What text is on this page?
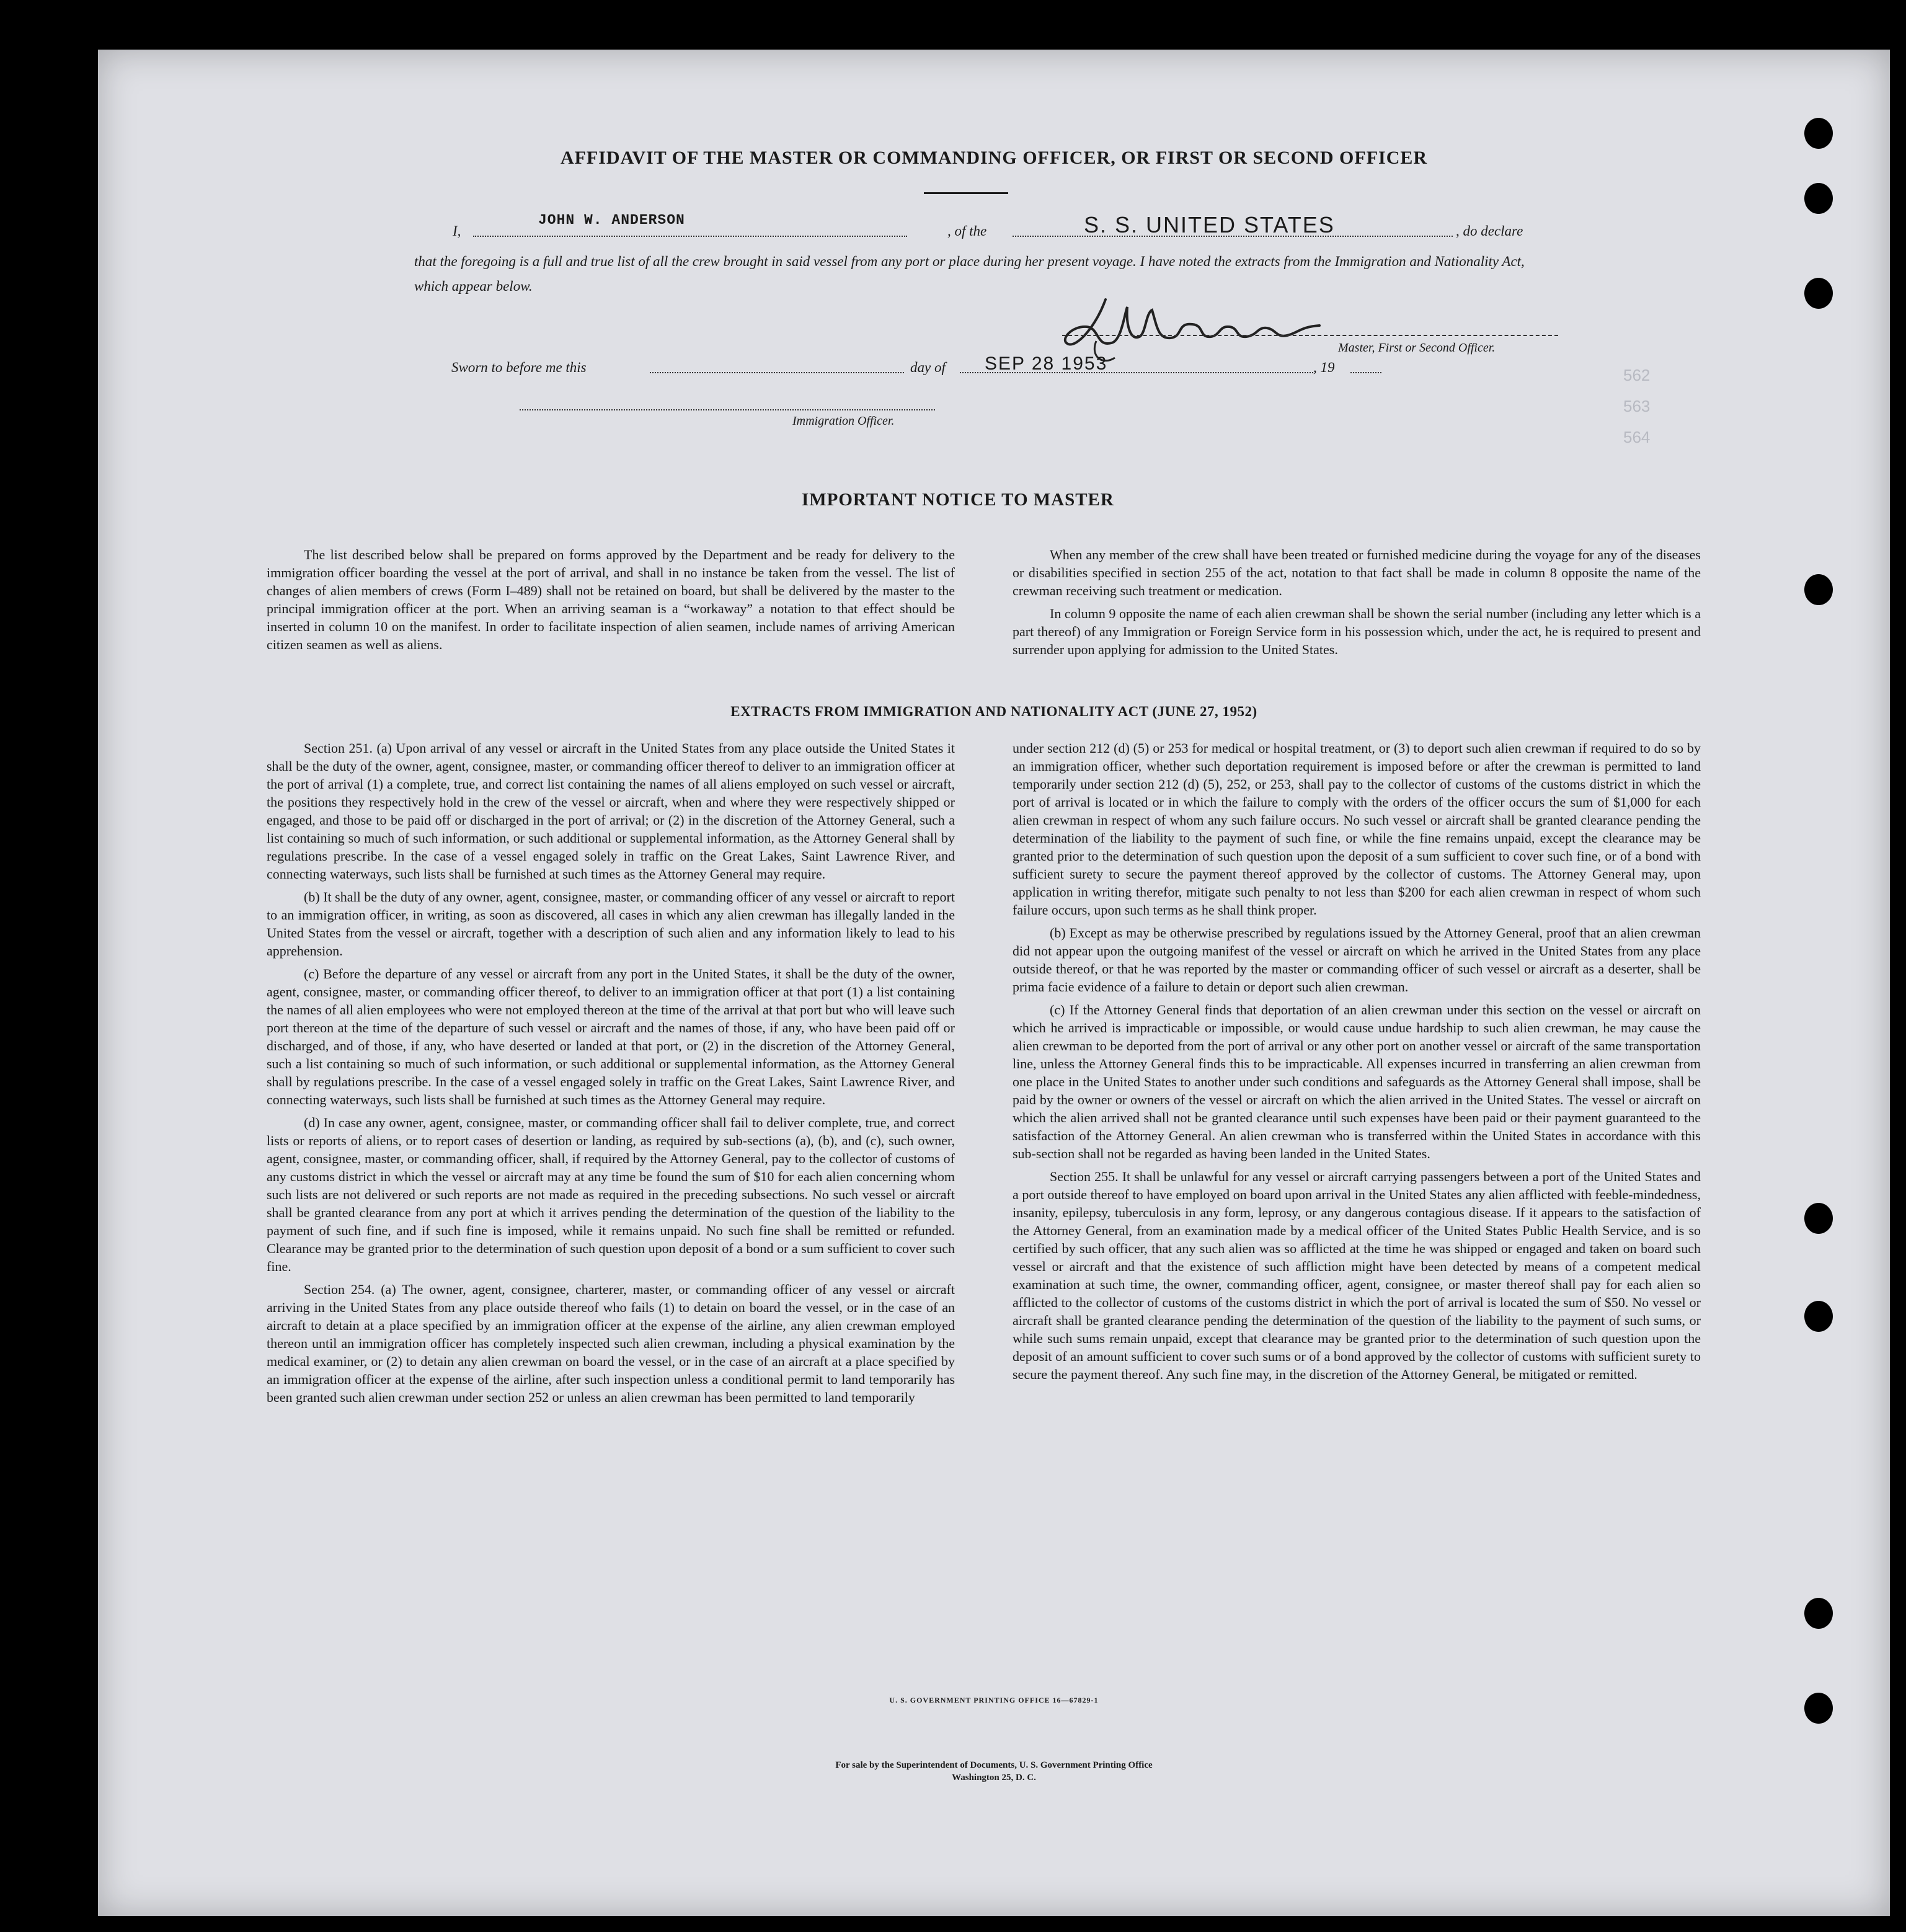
562
563
564
AFFIDAVIT OF THE MASTER OR COMMANDING OFFICER, OR FIRST OR SECOND OFFICER
I,
JOHN W. ANDERSON
, of the	S. S. UNITED STATES	, do declare
that the foregoing is a full and true list of all the crew brought in said vessel from any port or place during her present voyage. I have noted the extracts from the Immigration and Nationality Act, which appear below.
Master, First or Second Officer.
Sworn to before me this	day of SEP 28 1953	, 19
Immigration Officer.
IMPORTANT NOTICE TO MASTER

The list described below shall be prepared on forms approved by the Department and be ready for delivery to the immigration officer boarding the vessel at the port of arrival, and shall in no instance be taken from the vessel. The list of changes of alien members of crews (Form I–489) shall not be retained on board, but shall be delivered by the master to the principal immigration officer at the port. When an arriving seaman is a “workaway” a notation to that effect should be inserted in column 10 on the manifest. In order to facilitate inspection of alien seamen, include names of arriving American citizen seamen as well as aliens.

When any member of the crew shall have been treated or furnished medicine during the voyage for any of the diseases or disabilities specified in section 255 of the act, notation to that fact shall be made in column 8 opposite the name of the crewman receiving such treatment or medication.

In column 9 opposite the name of each alien crewman shall be shown the serial number (including any letter which is a part thereof) of any Immigration or Foreign Service form in his possession which, under the act, he is required to present and surrender upon applying for admission to the United States.

EXTRACTS FROM IMMIGRATION AND NATIONALITY ACT (JUNE 27, 1952)

Section 251. (a) Upon arrival of any vessel or aircraft in the United States from any place outside the United States it shall be the duty of the owner, agent, consignee, master, or commanding officer thereof to deliver to an immigration officer at the port of arrival (1) a complete, true, and correct list containing the names of all aliens employed on such vessel or aircraft, the positions they respectively hold in the crew of the vessel or aircraft, when and where they were respectively shipped or engaged, and those to be paid off or discharged in the port of arrival; or (2) in the discretion of the Attorney General, such a list containing so much of such information, or such additional or supplemental information, as the Attorney General shall by regulations prescribe. In the case of a vessel engaged solely in traffic on the Great Lakes, Saint Lawrence River, and connecting waterways, such lists shall be furnished at such times as the Attorney General may require.

(b) It shall be the duty of any owner, agent, consignee, master, or commanding officer of any vessel or aircraft to report to an immigration officer, in writing, as soon as discovered, all cases in which any alien crewman has illegally landed in the United States from the vessel or aircraft, together with a description of such alien and any information likely to lead to his apprehension.

(c) Before the departure of any vessel or aircraft from any port in the United States, it shall be the duty of the owner, agent, consignee, master, or commanding officer thereof, to deliver to an immigration officer at that port (1) a list containing the names of all alien employees who were not employed thereon at the time of the arrival at that port but who will leave such port thereon at the time of the departure of such vessel or aircraft and the names of those, if any, who have been paid off or discharged, and of those, if any, who have deserted or landed at that port, or (2) in the discretion of the Attorney General, such a list containing so much of such information, or such additional or supplemental information, as the Attorney General shall by regulations prescribe. In the case of a vessel engaged solely in traffic on the Great Lakes, Saint Lawrence River, and connecting waterways, such lists shall be furnished at such times as the Attorney General may require.

(d) In case any owner, agent, consignee, master, or commanding officer shall fail to deliver complete, true, and correct lists or reports of aliens, or to report cases of desertion or landing, as required by sub-sections (a), (b), and (c), such owner, agent, consignee, master, or commanding officer, shall, if required by the Attorney General, pay to the collector of customs of any customs district in which the vessel or aircraft may at any time be found the sum of $10 for each alien concerning whom such lists are not delivered or such reports are not made as required in the preceding subsections. No such vessel or aircraft shall be granted clearance from any port at which it arrives pending the determination of the question of the liability to the payment of such fine, and if such fine is imposed, while it remains unpaid. No such fine shall be remitted or refunded. Clearance may be granted prior to the determination of such question upon deposit of a bond or a sum sufficient to cover such fine.

Section 254. (a) The owner, agent, consignee, charterer, master, or commanding officer of any vessel or aircraft arriving in the United States from any place outside thereof who fails (1) to detain on board the vessel, or in the case of an aircraft to detain at a place specified by an immigration officer at the expense of the airline, any alien crewman employed thereon until an immigration officer has completely inspected such alien crewman, including a physical examination by the medical examiner, or (2) to detain any alien crewman on board the vessel, or in the case of an aircraft at a place specified by an immigration officer at the expense of the airline, after such inspection unless a conditional permit to land temporarily has been granted such alien crewman under section 252 or unless an alien crewman has been permitted to land temporarily

under section 212 (d) (5) or 253 for medical or hospital treatment, or (3) to deport such alien crewman if required to do so by an immigration officer, whether such deportation requirement is imposed before or after the crewman is permitted to land temporarily under section 212 (d) (5), 252, or 253, shall pay to the collector of customs of the customs district in which the port of arrival is located or in which the failure to comply with the orders of the officer occurs the sum of $1,000 for each alien crewman in respect of whom any such failure occurs. No such vessel or aircraft shall be granted clearance pending the determination of the liability to the payment of such fine, or while the fine remains unpaid, except the clearance may be granted prior to the determination of such question upon the deposit of a sum sufficient to cover such fine, or of a bond with sufficient surety to secure the payment thereof approved by the collector of customs. The Attorney General may, upon application in writing therefor, mitigate such penalty to not less than $200 for each alien crewman in respect of whom such failure occurs, upon such terms as he shall think proper.

(b) Except as may be otherwise prescribed by regulations issued by the Attorney General, proof that an alien crewman did not appear upon the outgoing manifest of the vessel or aircraft on which he arrived in the United States from any place outside thereof, or that he was reported by the master or commanding officer of such vessel or aircraft as a deserter, shall be prima facie evidence of a failure to detain or deport such alien crewman.

(c) If the Attorney General finds that deportation of an alien crewman under this section on the vessel or aircraft on which he arrived is impracticable or impossible, or would cause undue hardship to such alien crewman, he may cause the alien crewman to be deported from the port of arrival or any other port on another vessel or aircraft of the same transportation line, unless the Attorney General finds this to be impracticable. All expenses incurred in transferring an alien crewman from one place in the United States to another under such conditions and safeguards as the Attorney General shall impose, shall be paid by the owner or owners of the vessel or aircraft on which the alien arrived in the United States. The vessel or aircraft on which the alien arrived shall not be granted clearance until such expenses have been paid or their payment guaranteed to the satisfaction of the Attorney General. An alien crewman who is transferred within the United States in accordance with this sub-section shall not be regarded as having been landed in the United States.

Section 255. It shall be unlawful for any vessel or aircraft carrying passengers between a port of the United States and a port outside thereof to have employed on board upon arrival in the United States any alien afflicted with feeble-mindedness, insanity, epilepsy, tuberculosis in any form, leprosy, or any dangerous contagious disease. If it appears to the satisfaction of the Attorney General, from an examination made by a medical officer of the United States Public Health Service, and is so certified by such officer, that any such alien was so afflicted at the time he was shipped or engaged and taken on board such vessel or aircraft and that the existence of such affliction might have been detected by means of a competent medical examination at such time, the owner, commanding officer, agent, consignee, or master thereof shall pay for each alien so afflicted to the collector of customs of the customs district in which the port of arrival is located the sum of $50. No vessel or aircraft shall be granted clearance pending the determination of the question of the liability to the payment of such sums, or while such sums remain unpaid, except that clearance may be granted prior to the determination of such question upon the deposit of an amount sufficient to cover such sums or of a bond approved by the collector of customs with sufficient surety to secure the payment thereof. Any such fine may, in the discretion of the Attorney General, be mitigated or remitted.

U. S. GOVERNMENT PRINTING OFFICE 16—67829-1
For sale by the Superintendent of Documents, U. S. Government Printing Office
Washington 25, D. C.
